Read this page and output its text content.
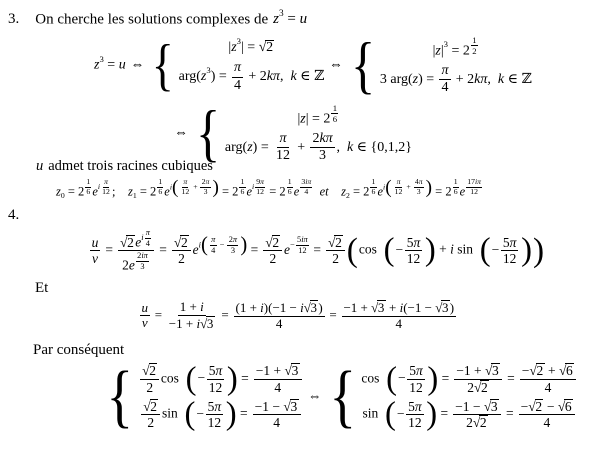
3. On cherche les solutions complexes de z3 = u
z3 = u ⇔  {	|z3| = √2
$arg(z3) = \frac{\pi}{4} + 2k\pi$, k ∈ ℤ
 ⇔  {	$|z|3 = 2 \frac{1}{2}$
3 $arg(z) = \frac{\pi}{4} + 2k\pi$, k ∈ ℤ
⇔  {	$|z| = 2 \frac{1}{6}$
$arg(z) = \frac{\pi}{12} + \frac{2k\pi}{3}$ , k ∈ {0,1,2}
u admet trois racines cubiques
$z0 = 2 \frac{1}{6}$ ei $\frac{\pi}{12}$ ; $z1 = 2 \frac{1}{6}$ ei ( $\frac{\pi}{12} + \frac{2\pi}{3}$ ) = $2 \frac{1}{6}$ ei $\frac{9\pi}{12} = 2 \frac{1}{6}$ e $\frac{3i\pi}{4}$
  et  $z2 = 2 \frac{1}{6}$ ei ( $\frac{\pi}{12} + \frac{4\pi}{3}$ ) = $2 \frac{1}{6}$ e $\frac{17i\pi}{12}$
4.
$\frac{u}{v} = √2ei \frac{\pi}{4}$
$2e \frac{2i\pi}{3}$
= $\frac{√2}{2}$ ei ( $\frac{\pi}{4} - \frac{2\pi}{3}$ ) = $\frac{√2}{2} e- \frac{5i\pi}{12} = \frac{√2}{2}$ ( cos  ( − $\frac{5\pi}{12}$ ) + i sin  ( − $\frac{5\pi}{12}$ ) )
Et
$\frac{u}{v} = \frac{1 + i}{-1 + i√3} = \frac{(1 + i)(-1 - i√3)}{4} = \frac{-1 + √3 + i(-1 - √3)}{4}$
Par conséquent
{ $\frac{√2}{2}$ cos  ( − $\frac{5\pi}{12}$ ) = $\frac{-1 + √3}{4}$
$\frac{√2}{2}$ sin  ( − $\frac{5\pi}{12}$ ) = $\frac{-1 - √3}{4}$
 ⇔  { cos  ( − $\frac{5\pi}{12}$ ) = $\frac{-1 + √3}{2√2} = \frac{-√2 + √6}{4}$
sin  ( − $\frac{5\pi}{12}$ ) = $\frac{-1 - √3}{2√2} = \frac{-√2 - √6}{4}$
